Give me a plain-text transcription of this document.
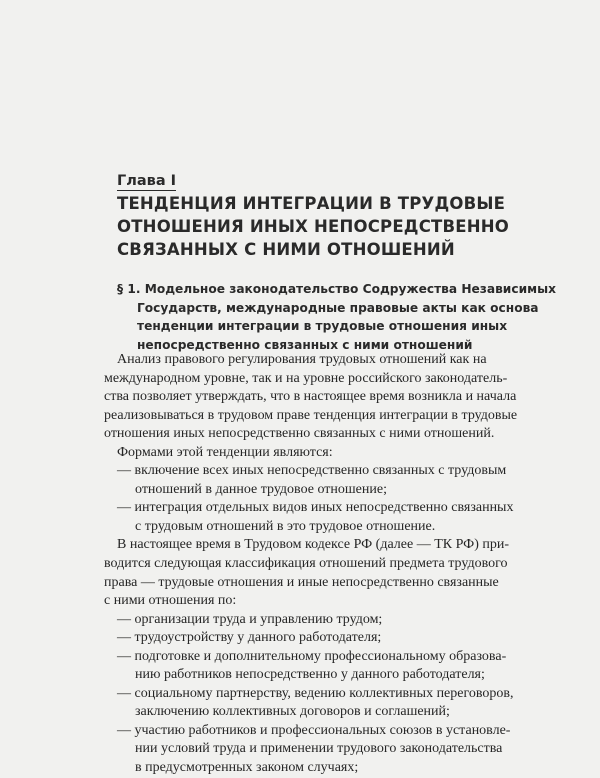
Глава I
ТЕНДЕНЦИЯ ИНТЕГРАЦИИ В ТРУДОВЫЕ
ОТНОШЕНИЯ ИНЫХ НЕПОСРЕДСТВЕННО
СВЯЗАННЫХ С НИМИ ОТНОШЕНИЙ
§ 1. Модельное законодательство Содружества Независимых
Государств, международные правовые акты как основа
тенденции интеграции в трудовые отношения иных
непосредственно связанных с ними отношений
Анализ правового регулирования трудовых отношений как на
международном уровне, так и на уровне российского законодатель-
ства позволяет утверждать, что в настоящее время возникла и начала
реализовываться в трудовом праве тенденция интеграции в трудовые
отношения иных непосредственно связанных с ними отношений.
Формами этой тенденции являются:
— включение всех иных непосредственно связанных с трудовым
отношений в данное трудовое отношение;
— интеграция отдельных видов иных непосредственно связанных
с трудовым отношений в это трудовое отношение.
В настоящее время в Трудовом кодексе РФ (далее — ТК РФ) при-
водится следующая классификация отношений предмета трудового
права — трудовые отношения и иные непосредственно связанные
с ними отношения по:
— организации труда и управлению трудом;
— трудоустройству у данного работодателя;
— подготовке и дополнительному профессиональному образова-
нию работников непосредственно у данного работодателя;
— социальному партнерству, ведению коллективных переговоров,
заключению коллективных договоров и соглашений;
— участию работников и профессиональных союзов в установле-
нии условий труда и применении трудового законодательства
в предусмотренных законом случаях;
